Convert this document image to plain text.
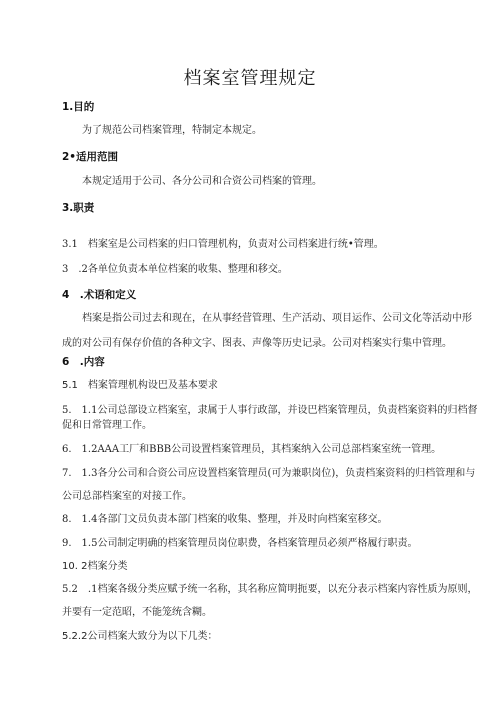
档案室管理规定
1.目的
为了规范公司档案管理，特制定本规定。
2•适用范围
本规定适用于公司、各分公司和合资公司档案的管理。
3.职责
3.1　档案室是公司档案的归口管理机构，负责对公司档案进行统•管理。
3　.2各单位负责本单位档案的收集、整理和移交。
4　.术语和定义
档案是指公司过去和现在，在从事经营管理、生产活动、项目运作、公司文化等活动中形
成的对公司有保存价值的各种文字、图表、声像等历史记录。公司对档案实行集中管理。
6　.内容
5.1　档案管理机构设巴及基本要求
5.　1.1公司总部设立档案室，隶属于人事行政部，并设巴档案管理员，负责档案资料的归档督
促和日常管理工作。
6.　1.2AAA工厂和BBB公司设置档案管理员，其档案纳入公司总部档案室统一管理。
7.　1.3各分公司和合资公司应设置档案管理员(可为兼职岗位)，负责档案资料的归档管理和与
公司总部档案室的对接工作。
8.　1.4各部门文员负责本部门档案的收集、整理，并及时向档案室移交。
9.　1.5公司制定明确的档案管理员岗位职费，各档案管理员必须严格履行职责。
10. 2档案分类
5.2　.1档案各级分类应赋予统一名称，其名称应简明扼要，以充分表示档案内容性质为原则，
并要有一定范昭，不能笼统含糊。
5.2.2公司档案大致分为以下几类：
